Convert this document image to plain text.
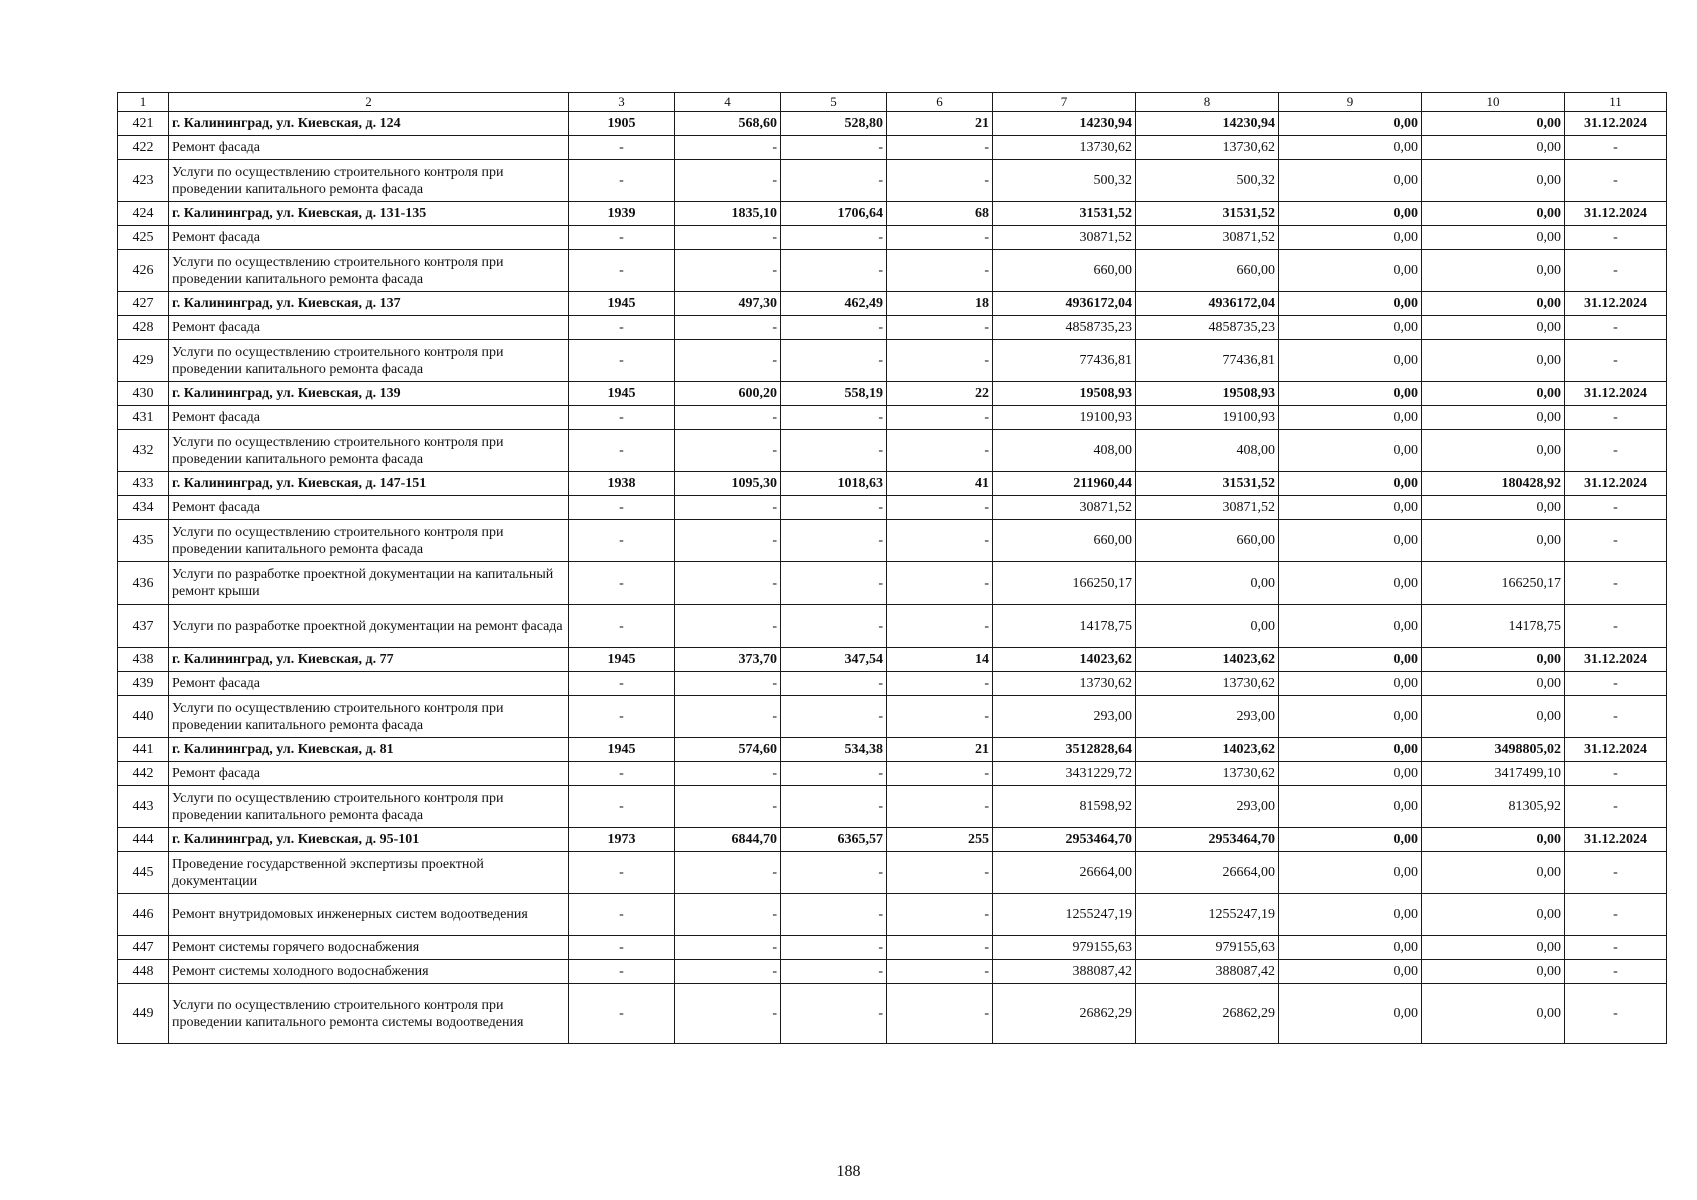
1	2	3	4	5	6	7	8	9	10	11
421	г. Калининград, ул. Киевская, д. 124	1905	568,60	528,80	21	14230,94	14230,94	0,00	0,00	31.12.2024
422	Ремонт фасада	-	-	-	-	13730,62	13730,62	0,00	0,00	-
423	Услуги по осуществлению строительного контроля при проведении капитального ремонта фасада	-	-	-	-	500,32	500,32	0,00	0,00	-
424	г. Калининград, ул. Киевская, д. 131-135	1939	1835,10	1706,64	68	31531,52	31531,52	0,00	0,00	31.12.2024
425	Ремонт фасада	-	-	-	-	30871,52	30871,52	0,00	0,00	-
426	Услуги по осуществлению строительного контроля при проведении капитального ремонта фасада	-	-	-	-	660,00	660,00	0,00	0,00	-
427	г. Калининград, ул. Киевская, д. 137	1945	497,30	462,49	18	4936172,04	4936172,04	0,00	0,00	31.12.2024
428	Ремонт фасада	-	-	-	-	4858735,23	4858735,23	0,00	0,00	-
429	Услуги по осуществлению строительного контроля при проведении капитального ремонта фасада	-	-	-	-	77436,81	77436,81	0,00	0,00	-
430	г. Калининград, ул. Киевская, д. 139	1945	600,20	558,19	22	19508,93	19508,93	0,00	0,00	31.12.2024
431	Ремонт фасада	-	-	-	-	19100,93	19100,93	0,00	0,00	-
432	Услуги по осуществлению строительного контроля при проведении капитального ремонта фасада	-	-	-	-	408,00	408,00	0,00	0,00	-
433	г. Калининград, ул. Киевская, д. 147-151	1938	1095,30	1018,63	41	211960,44	31531,52	0,00	180428,92	31.12.2024
434	Ремонт фасада	-	-	-	-	30871,52	30871,52	0,00	0,00	-
435	Услуги по осуществлению строительного контроля при проведении капитального ремонта фасада	-	-	-	-	660,00	660,00	0,00	0,00	-
436	Услуги по разработке проектной документации на капитальный ремонт крыши	-	-	-	-	166250,17	0,00	0,00	166250,17	-
437	Услуги по разработке проектной документации на ремонт фасада	-	-	-	-	14178,75	0,00	0,00	14178,75	-
438	г. Калининград, ул. Киевская, д. 77	1945	373,70	347,54	14	14023,62	14023,62	0,00	0,00	31.12.2024
439	Ремонт фасада	-	-	-	-	13730,62	13730,62	0,00	0,00	-
440	Услуги по осуществлению строительного контроля при проведении капитального ремонта фасада	-	-	-	-	293,00	293,00	0,00	0,00	-
441	г. Калининград, ул. Киевская, д. 81	1945	574,60	534,38	21	3512828,64	14023,62	0,00	3498805,02	31.12.2024
442	Ремонт фасада	-	-	-	-	3431229,72	13730,62	0,00	3417499,10	-
443	Услуги по осуществлению строительного контроля при проведении капитального ремонта фасада	-	-	-	-	81598,92	293,00	0,00	81305,92	-
444	г. Калининград, ул. Киевская, д. 95-101	1973	6844,70	6365,57	255	2953464,70	2953464,70	0,00	0,00	31.12.2024
445	Проведение государственной экспертизы проектной документации	-	-	-	-	26664,00	26664,00	0,00	0,00	-
446	Ремонт внутридомовых инженерных систем водоотведения	-	-	-	-	1255247,19	1255247,19	0,00	0,00	-
447	Ремонт системы горячего водоснабжения	-	-	-	-	979155,63	979155,63	0,00	0,00	-
448	Ремонт системы холодного водоснабжения	-	-	-	-	388087,42	388087,42	0,00	0,00	-
449	Услуги по осуществлению строительного контроля при проведении капитального ремонта системы водоотведения	-	-	-	-	26862,29	26862,29	0,00	0,00	-
188
